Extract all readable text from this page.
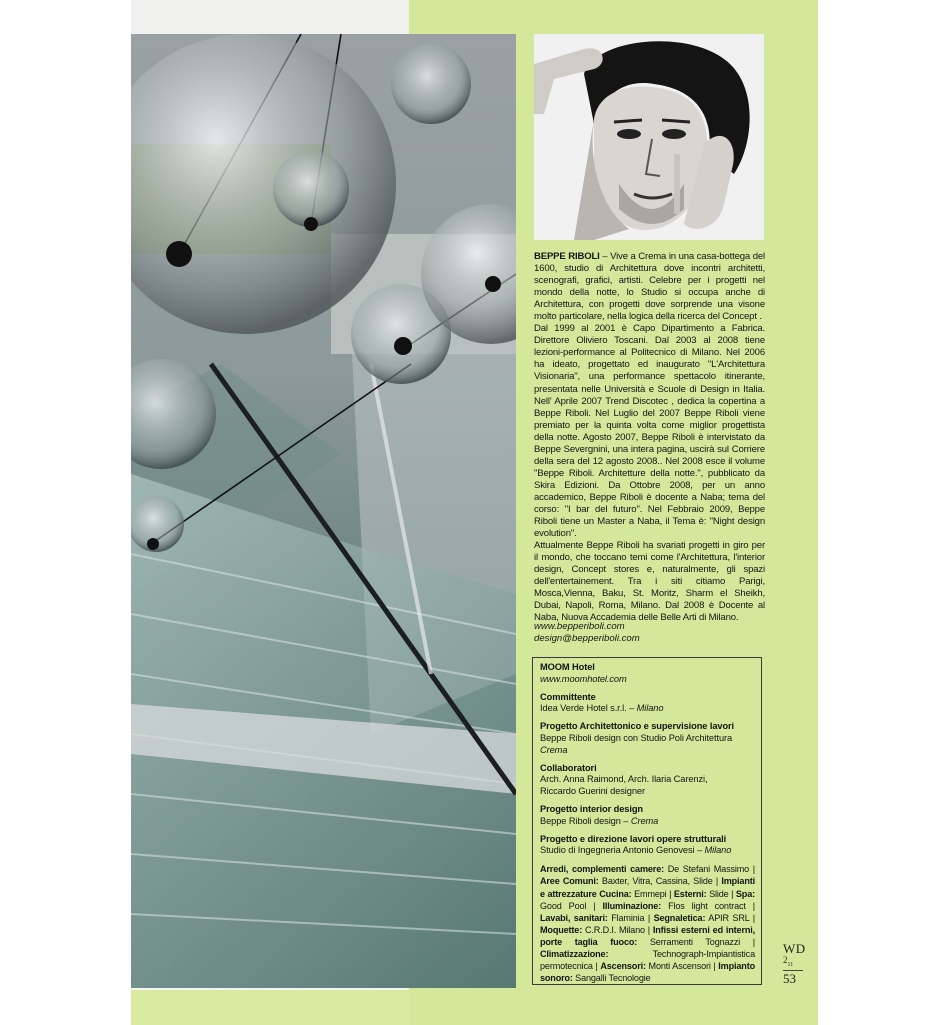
BEPPE RIBOLI – Vive a Crema in una casa-bottega del 1600, studio di Architettura dove incontri architetti, scenografi, grafici, artisti. Celebre per i progetti nel mondo della notte, lo Studio si occupa anche di Architettura, con progetti dove sorprende una visone molto particolare, nella logica della ricerca del Concept .

Dal 1999 al 2001 è Capo Dipartimento a Fabrica. Direttore Oliviero Toscani. Dal 2003 al 2008 tiene lezioni-performance al Politecnico di Milano. Nel 2006 ha ideato, progettato ed inaugurato "L'Architettura Visionaria", una performance spettacolo itinerante, presentata nelle Università e Scuole di Design in Italia. Nell' Aprile 2007 Trend Discotec , dedica la copertina a Beppe Riboli. Nel Luglio del 2007 Beppe Riboli viene premiato per la quinta volta come miglior progettista della notte. Agosto 2007, Beppe Riboli è intervistato da Beppe Severgnini, una intera pagina, uscirà sul Corriere della sera del 12 agosto 2008.. Nel 2008 esce il volume "Beppe Riboli. Architetture della notte.", pubblicato da Skira Edizioni. Da Ottobre 2008, per un anno accademico, Beppe Riboli è docente a Naba; tema del corso: "I bar del futuro". Nel Febbraio 2009, Beppe Riboli tiene un Master a Naba, il Tema è: "Night design evolution".

Attualmente Beppe Riboli ha svariati progetti in giro per il mondo, che toccano temi come l'Architettura, l'interior design, Concept stores e, naturalmente, gli spazi dell'entertainement. Tra i siti citiamo Parigi, Mosca,Vienna, Baku, St. Moritz, Sharm el Sheikh, Dubai, Napoli, Roma, Milano. Dal 2008 è Docente al Naba, Nuova Accademia delle Belle Arti di Milano.

www.bepperiboli.com
design@bepperiboli.com
MOOM Hotel
www.moomhotel.com
Committente
Idea Verde Hotel s.r.l. – Milano
Progetto Architettonico e supervisione lavori
Beppe Riboli design con Studio Poli Architettura
Crema
Collaboratori
Arch. Anna Raimond, Arch. Ilaria Carenzi,
Riccardo Guerini designer
Progetto interior design
Beppe Riboli design – Crema
Progetto e direzione lavori opere strutturali
Studio di Ingegneria Antonio Genovesi – Milano
Arredi, complementi camere: De Stefani Massimo | Aree Comuni: Baxter, Vitra, Cassina, Slide | Impianti e attrezzature Cucina: Emmepi | Esterni: Slide | Spa: Good Pool | Illuminazione: Flos light contract | Lavabi, sanitari: Flaminia | Segnaletica: APIR SRL | Moquette: C.R.D.I. Milano | Infissi esterni ed interni, porte taglia fuoco: Serramenti Tognazzi | Climatizzazione: Technograph-Impiantistica permotecnica | Ascensori: Monti Ascensori | Impianto sonoro: Sangalli Tecnologie
WD
$2_{11}$
53
